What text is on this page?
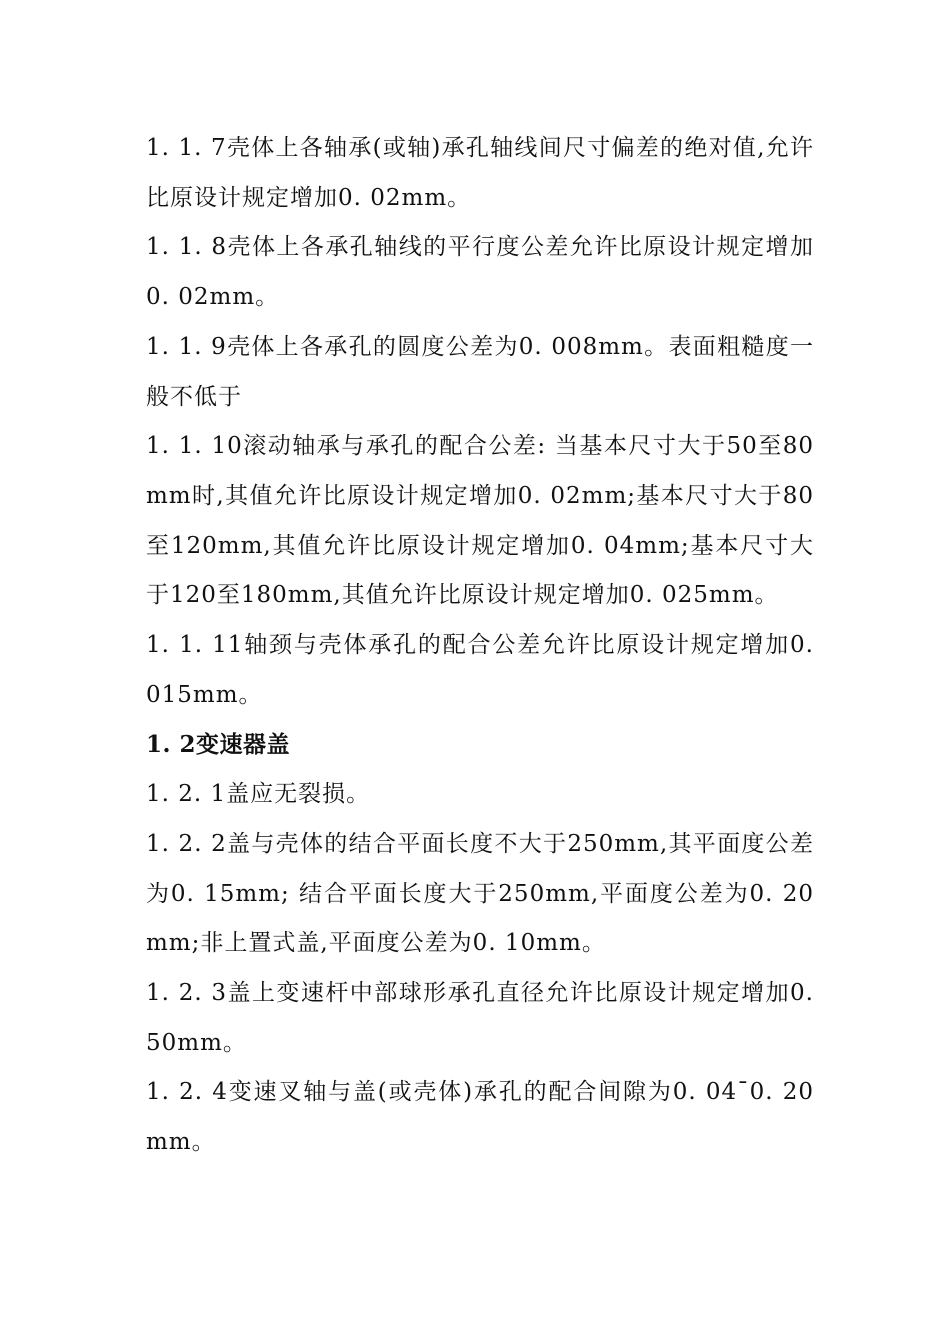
1. 1. 7壳体上各轴承(或轴)承孔轴线间尺寸偏差的绝对值,允许比原设计规定增加0. 02mm。

1. 1. 8壳体上各承孔轴线的平行度公差允许比原设计规定增加0. 02mm。

1. 1. 9壳体上各承孔的圆度公差为0. 008mm。表面粗糙度一般不低于

1. 1. 10滚动轴承与承孔的配合公差: 当基本尺寸大于50至80mm时,其值允许比原设计规定增加0. 02mm;基本尺寸大于80至120mm,其值允许比原设计规定增加0. 04mm;基本尺寸大于120至180mm,其值允许比原设计规定增加0. 025mm。

1. 1. 11轴颈与壳体承孔的配合公差允许比原设计规定增加0. 015mm。

1. 2变速器盖

1. 2. 1盖应无裂损。

1. 2. 2盖与壳体的结合平面长度不大于250mm,其平面度公差为0. 15mm; 结合平面长度大于250mm,平面度公差为0. 20mm;非上置式盖,平面度公差为0. 10mm。

1. 2. 3盖上变速杆中部球形承孔直径允许比原设计规定增加0. 50mm。

1. 2. 4变速叉轴与盖(或壳体)承孔的配合间隙为0. 04¯0. 20mm。
